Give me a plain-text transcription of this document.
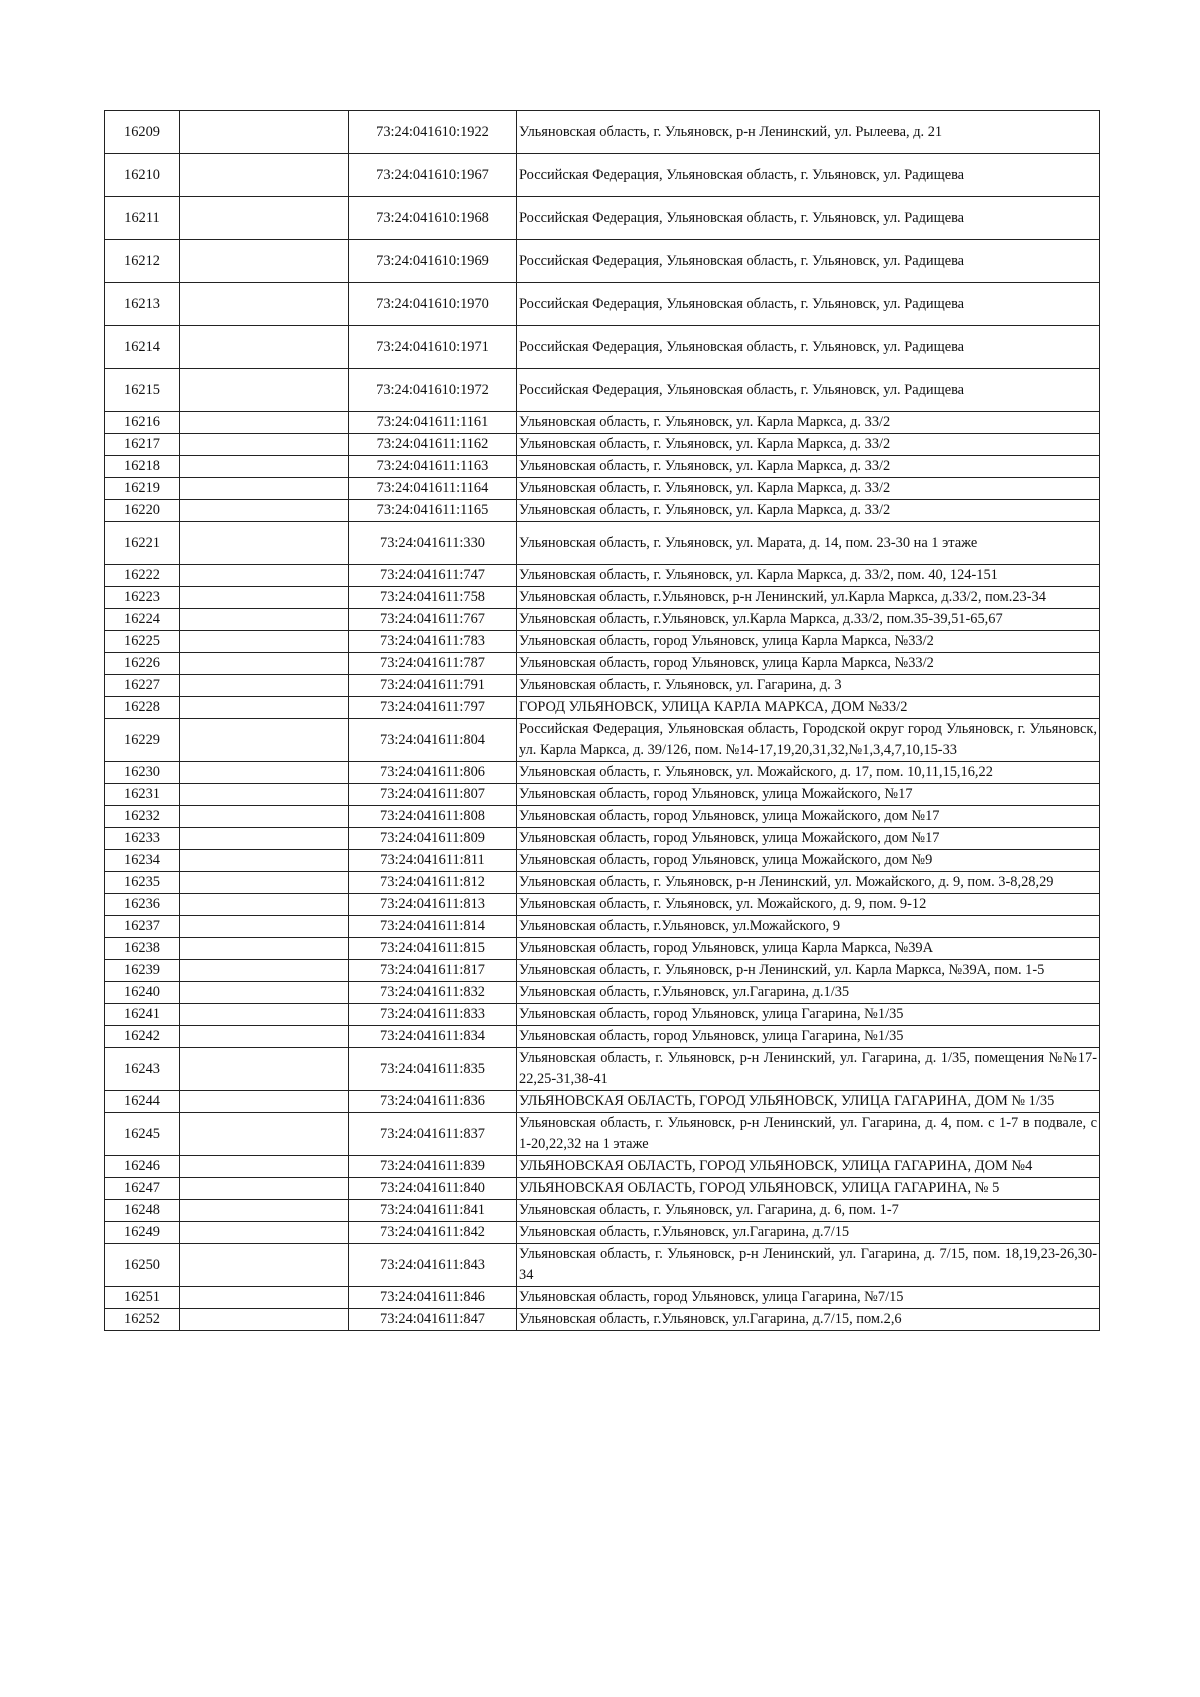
16209		73:24:041610:1922	Ульяновская область, г. Ульяновск, р-н Ленинский, ул. Рылеева, д. 21
16210		73:24:041610:1967	Российская Федерация, Ульяновская область, г. Ульяновск, ул. Радищева
16211		73:24:041610:1968	Российская Федерация, Ульяновская область, г. Ульяновск, ул. Радищева
16212		73:24:041610:1969	Российская Федерация, Ульяновская область, г. Ульяновск, ул. Радищева
16213		73:24:041610:1970	Российская Федерация, Ульяновская область, г. Ульяновск, ул. Радищева
16214		73:24:041610:1971	Российская Федерация, Ульяновская область, г. Ульяновск, ул. Радищева
16215		73:24:041610:1972	Российская Федерация, Ульяновская область, г. Ульяновск, ул. Радищева
16216		73:24:041611:1161	Ульяновская область, г. Ульяновск, ул. Карла Маркса, д. 33/2
16217		73:24:041611:1162	Ульяновская область, г. Ульяновск, ул. Карла Маркса, д. 33/2
16218		73:24:041611:1163	Ульяновская область, г. Ульяновск, ул. Карла Маркса, д. 33/2
16219		73:24:041611:1164	Ульяновская область, г. Ульяновск, ул. Карла Маркса, д. 33/2
16220		73:24:041611:1165	Ульяновская область, г. Ульяновск, ул. Карла Маркса, д. 33/2
16221		73:24:041611:330	Ульяновская область, г. Ульяновск, ул. Марата, д. 14, пом. 23-30 на 1 этаже
16222		73:24:041611:747	Ульяновская область, г. Ульяновск, ул. Карла Маркса, д. 33/2, пом. 40, 124-151
16223		73:24:041611:758	Ульяновская область, г.Ульяновск, р-н Ленинский, ул.Карла Маркса, д.33/2, пом.23-34
16224		73:24:041611:767	Ульяновская область, г.Ульяновск, ул.Карла Маркса, д.33/2, пом.35-39,51-65,67
16225		73:24:041611:783	Ульяновская область, город Ульяновск, улица Карла Маркса, №33/2
16226		73:24:041611:787	Ульяновская область, город Ульяновск, улица Карла Маркса, №33/2
16227		73:24:041611:791	Ульяновская область, г. Ульяновск, ул. Гагарина, д. 3
16228		73:24:041611:797	ГОРОД УЛЬЯНОВСК, УЛИЦА КАРЛА МАРКСА, ДОМ №33/2
16229		73:24:041611:804	Российская Федерация, Ульяновская область, Городской округ город Ульяновск, г. Ульяновск, ул. Карла Маркса, д. 39/126, пом. №14-17,19,20,31,32,№1,3,4,7,10,15-33
16230		73:24:041611:806	Ульяновская область, г. Ульяновск, ул. Можайского, д. 17, пом. 10,11,15,16,22
16231		73:24:041611:807	Ульяновская область, город Ульяновск, улица Можайского, №17
16232		73:24:041611:808	Ульяновская область, город Ульяновск, улица Можайского, дом №17
16233		73:24:041611:809	Ульяновская область, город Ульяновск, улица Можайского, дом №17
16234		73:24:041611:811	Ульяновская область, город Ульяновск, улица Можайского, дом №9
16235		73:24:041611:812	Ульяновская область, г. Ульяновск, р-н Ленинский, ул. Можайского, д. 9, пом. 3-8,28,29
16236		73:24:041611:813	Ульяновская область, г. Ульяновск, ул. Можайского, д. 9, пом. 9-12
16237		73:24:041611:814	Ульяновская область, г.Ульяновск, ул.Можайского, 9
16238		73:24:041611:815	Ульяновская область, город Ульяновск, улица Карла Маркса, №39А
16239		73:24:041611:817	Ульяновская область, г. Ульяновск, р-н Ленинский, ул. Карла Маркса, №39А, пом. 1-5
16240		73:24:041611:832	Ульяновская область, г.Ульяновск, ул.Гагарина, д.1/35
16241		73:24:041611:833	Ульяновская область, город Ульяновск, улица Гагарина, №1/35
16242		73:24:041611:834	Ульяновская область, город Ульяновск, улица Гагарина, №1/35
16243		73:24:041611:835	Ульяновская область, г. Ульяновск, р-н Ленинский, ул. Гагарина, д. 1/35, помещения №№17-22,25-31,38-41
16244		73:24:041611:836	УЛЬЯНОВСКАЯ ОБЛАСТЬ, ГОРОД УЛЬЯНОВСК, УЛИЦА ГАГАРИНА, ДОМ № 1/35
16245		73:24:041611:837	Ульяновская область, г. Ульяновск, р-н Ленинский, ул. Гагарина, д. 4, пом. с 1-7 в подвале, с 1-20,22,32 на 1 этаже
16246		73:24:041611:839	УЛЬЯНОВСКАЯ ОБЛАСТЬ, ГОРОД УЛЬЯНОВСК, УЛИЦА ГАГАРИНА, ДОМ №4
16247		73:24:041611:840	УЛЬЯНОВСКАЯ ОБЛАСТЬ, ГОРОД УЛЬЯНОВСК, УЛИЦА ГАГАРИНА, № 5
16248		73:24:041611:841	Ульяновская область, г. Ульяновск, ул. Гагарина, д. 6, пом. 1-7
16249		73:24:041611:842	Ульяновская область, г.Ульяновск, ул.Гагарина, д.7/15
16250		73:24:041611:843	Ульяновская область, г. Ульяновск, р-н Ленинский, ул. Гагарина, д. 7/15, пом. 18,19,23-26,30-34
16251		73:24:041611:846	Ульяновская область, город Ульяновск, улица Гагарина, №7/15
16252		73:24:041611:847	Ульяновская область, г.Ульяновск, ул.Гагарина, д.7/15, пом.2,6
